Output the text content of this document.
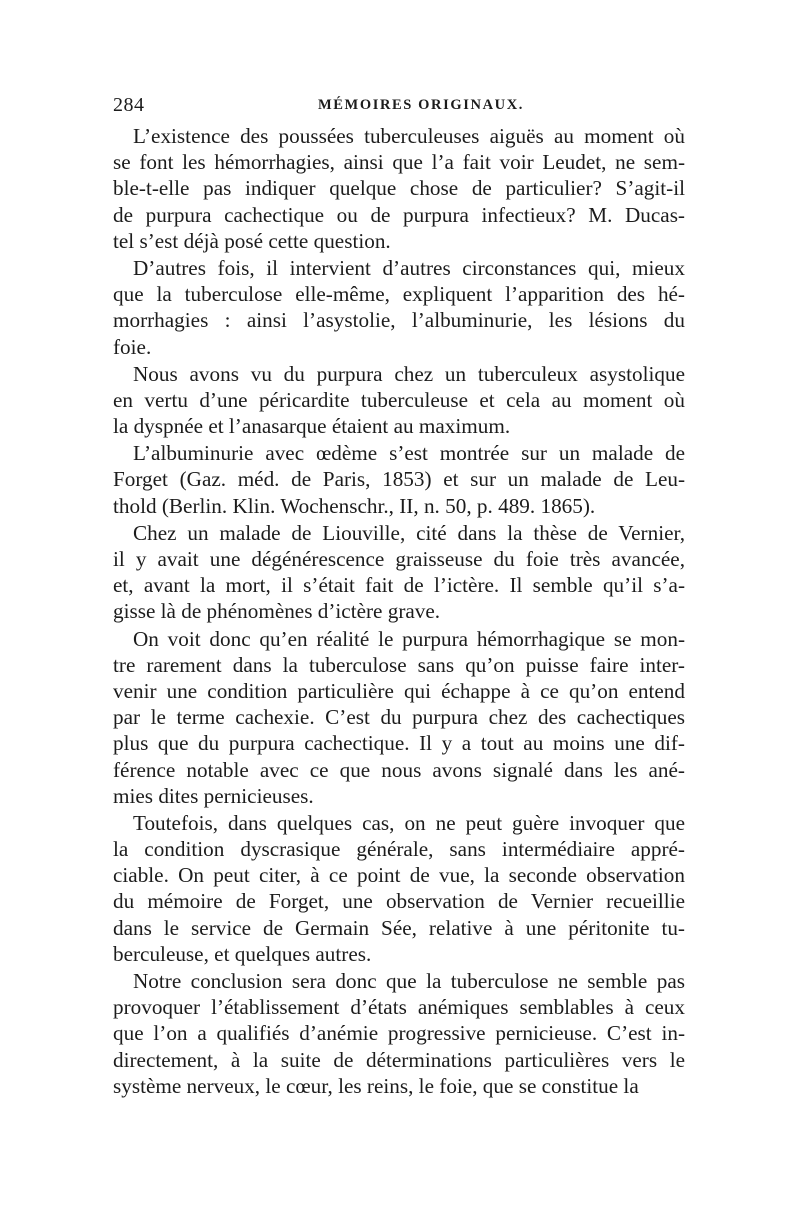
284	MÉMOIRES ORIGINAUX.
L’existence des poussées tuberculeuses aiguës au moment où
se font les hémorrhagies, ainsi que l’a fait voir Leudet, ne sem-
ble-t-elle pas indiquer quelque chose de particulier? S’agit-il
de purpura cachectique ou de purpura infectieux? M. Ducas-
tel s’est déjà posé cette question.
D’autres fois, il intervient d’autres circonstances qui, mieux
que la tuberculose elle-même, expliquent l’apparition des hé-
morrhagies : ainsi l’asystolie, l’albuminurie, les lésions du
foie.
Nous avons vu du purpura chez un tuberculeux asystolique
en vertu d’une péricardite tuberculeuse et cela au moment où
la dyspnée et l’anasarque étaient au maximum.
L’albuminurie avec œdème s’est montrée sur un malade de
Forget (Gaz. méd. de Paris, 1853) et sur un malade de Leu-
thold (Berlin. Klin. Wochenschr., II, n. 50, p. 489. 1865).
Chez un malade de Liouville, cité dans la thèse de Vernier,
il y avait une dégénérescence graisseuse du foie très avancée,
et, avant la mort, il s’était fait de l’ictère. Il semble qu’il s’a-
gisse là de phénomènes d’ictère grave.
On voit donc qu’en réalité le purpura hémorrhagique se mon-
tre rarement dans la tuberculose sans qu’on puisse faire inter-
venir une condition particulière qui échappe à ce qu’on entend
par le terme cachexie. C’est du purpura chez des cachectiques
plus que du purpura cachectique. Il y a tout au moins une dif-
férence notable avec ce que nous avons signalé dans les ané-
mies dites pernicieuses.
Toutefois, dans quelques cas, on ne peut guère invoquer que
la condition dyscrasique générale, sans intermédiaire appré-
ciable. On peut citer, à ce point de vue, la seconde observation
du mémoire de Forget, une observation de Vernier recueillie
dans le service de Germain Sée, relative à une péritonite tu-
berculeuse, et quelques autres.
Notre conclusion sera donc que la tuberculose ne semble pas
provoquer l’établissement d’états anémiques semblables à ceux
que l’on a qualifiés d’anémie progressive pernicieuse. C’est in-
directement, à la suite de déterminations particulières vers le
système nerveux, le cœur, les reins, le foie, que se constitue la
